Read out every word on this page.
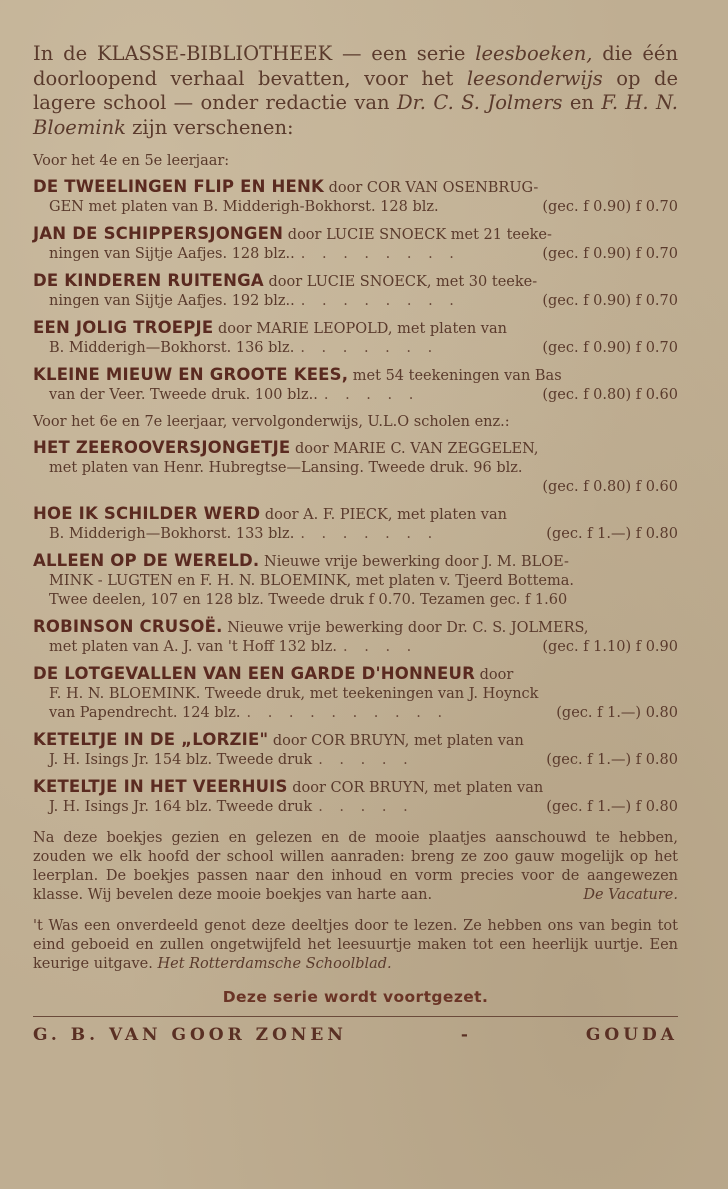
In de KLASSE-BIBLIOTHEEK — een serie leesboeken, die één doorloopend verhaal bevatten, voor het leesonderwijs op de lagere school — onder redactie van Dr. C. S. Jolmers en F. H. N. Bloemink zijn verschenen:
Voor het 4e en 5e leerjaar:
DE TWEELINGEN FLIP EN HENK door COR VAN OSENBRUG-
GEN met platen van B. Midderigh-Bokhorst. 128 blz.	(gec. f 0.90) f 0.70
JAN DE SCHIPPERSJONGEN door LUCIE SNOECK met 21 teeke-
ningen van Sijtje Aafjes. 128 blz.. . . . . . . . .	(gec. f 0.90) f 0.70
DE KINDEREN RUITENGA door LUCIE SNOECK, met 30 teeke-
ningen van Sijtje Aafjes. 192 blz.. . . . . . . . .	(gec. f 0.90) f 0.70
EEN JOLIG TROEPJE door MARIE LEOPOLD, met platen van
B. Midderigh—Bokhorst. 136 blz. . . . . . . .	(gec. f 0.90) f 0.70
KLEINE MIEUW EN GROOTE KEES, met 54 teekeningen van Bas
van der Veer. Tweede druk. 100 blz.. . . . . .	(gec. f 0.80) f 0.60
Voor het 6e en 7e leerjaar, vervolgonderwijs, U.L.O scholen enz.:
HET ZEEROOVERSJONGETJE door MARIE C. VAN ZEGGELEN,
met platen van Henr. Hubregtse—Lansing. Tweede druk. 96 blz.
(gec. f 0.80) f 0.60
HOE IK SCHILDER WERD door A. F. PIECK, met platen van
B. Midderigh—Bokhorst. 133 blz. . . . . . . .	(gec. f 1.—) f 0.80
ALLEEN OP DE WERELD. Nieuwe vrije bewerking door J. M. BLOE-
MINK - LUGTEN en F. H. N. BLOEMINK, met platen v. Tjeerd Bottema.
Twee deelen, 107 en 128 blz. Tweede druk f 0.70. Tezamen gec. f 1.60
ROBINSON CRUSOË. Nieuwe vrije bewerking door Dr. C. S. JOLMERS,
met platen van A. J. van 't Hoff 132 blz. . . . .	(gec. f 1.10) f 0.90
DE LOTGEVALLEN VAN EEN GARDE D'HONNEUR door
F. H. N. BLOEMINK. Tweede druk, met teekeningen van J. Hoynck
van Papendrecht. 124 blz. . . . . . . . . . .	(gec. f 1.—) 0.80
KETELTJE IN DE „LORZIE" door COR BRUYN, met platen van
J. H. Isings Jr. 154 blz. Tweede druk . . . . .	(gec. f 1.—) f 0.80
KETELTJE IN HET VEERHUIS door COR BRUYN, met platen van
J. H. Isings Jr. 164 blz. Tweede druk . . . . .	(gec. f 1.—) f 0.80
Na deze boekjes gezien en gelezen en de mooie plaatjes aanschouwd te hebben, zouden we elk hoofd der school willen aanraden: breng ze zoo gauw mogelijk op het leerplan. De boekjes passen naar den inhoud en vorm precies voor de aangewezen klasse. Wij bevelen deze mooie boekjes van harte aan.	De Vacature.
't Was een onverdeeld genot deze deeltjes door te lezen. Ze hebben ons van begin tot eind geboeid en zullen ongetwijfeld het leesuurtje maken tot een heerlijk uurtje. Een keurige uitgave. Het Rotterdamsche Schoolblad.
Deze serie wordt voortgezet.
G. B. VAN GOOR ZONEN	-	GOUDA
